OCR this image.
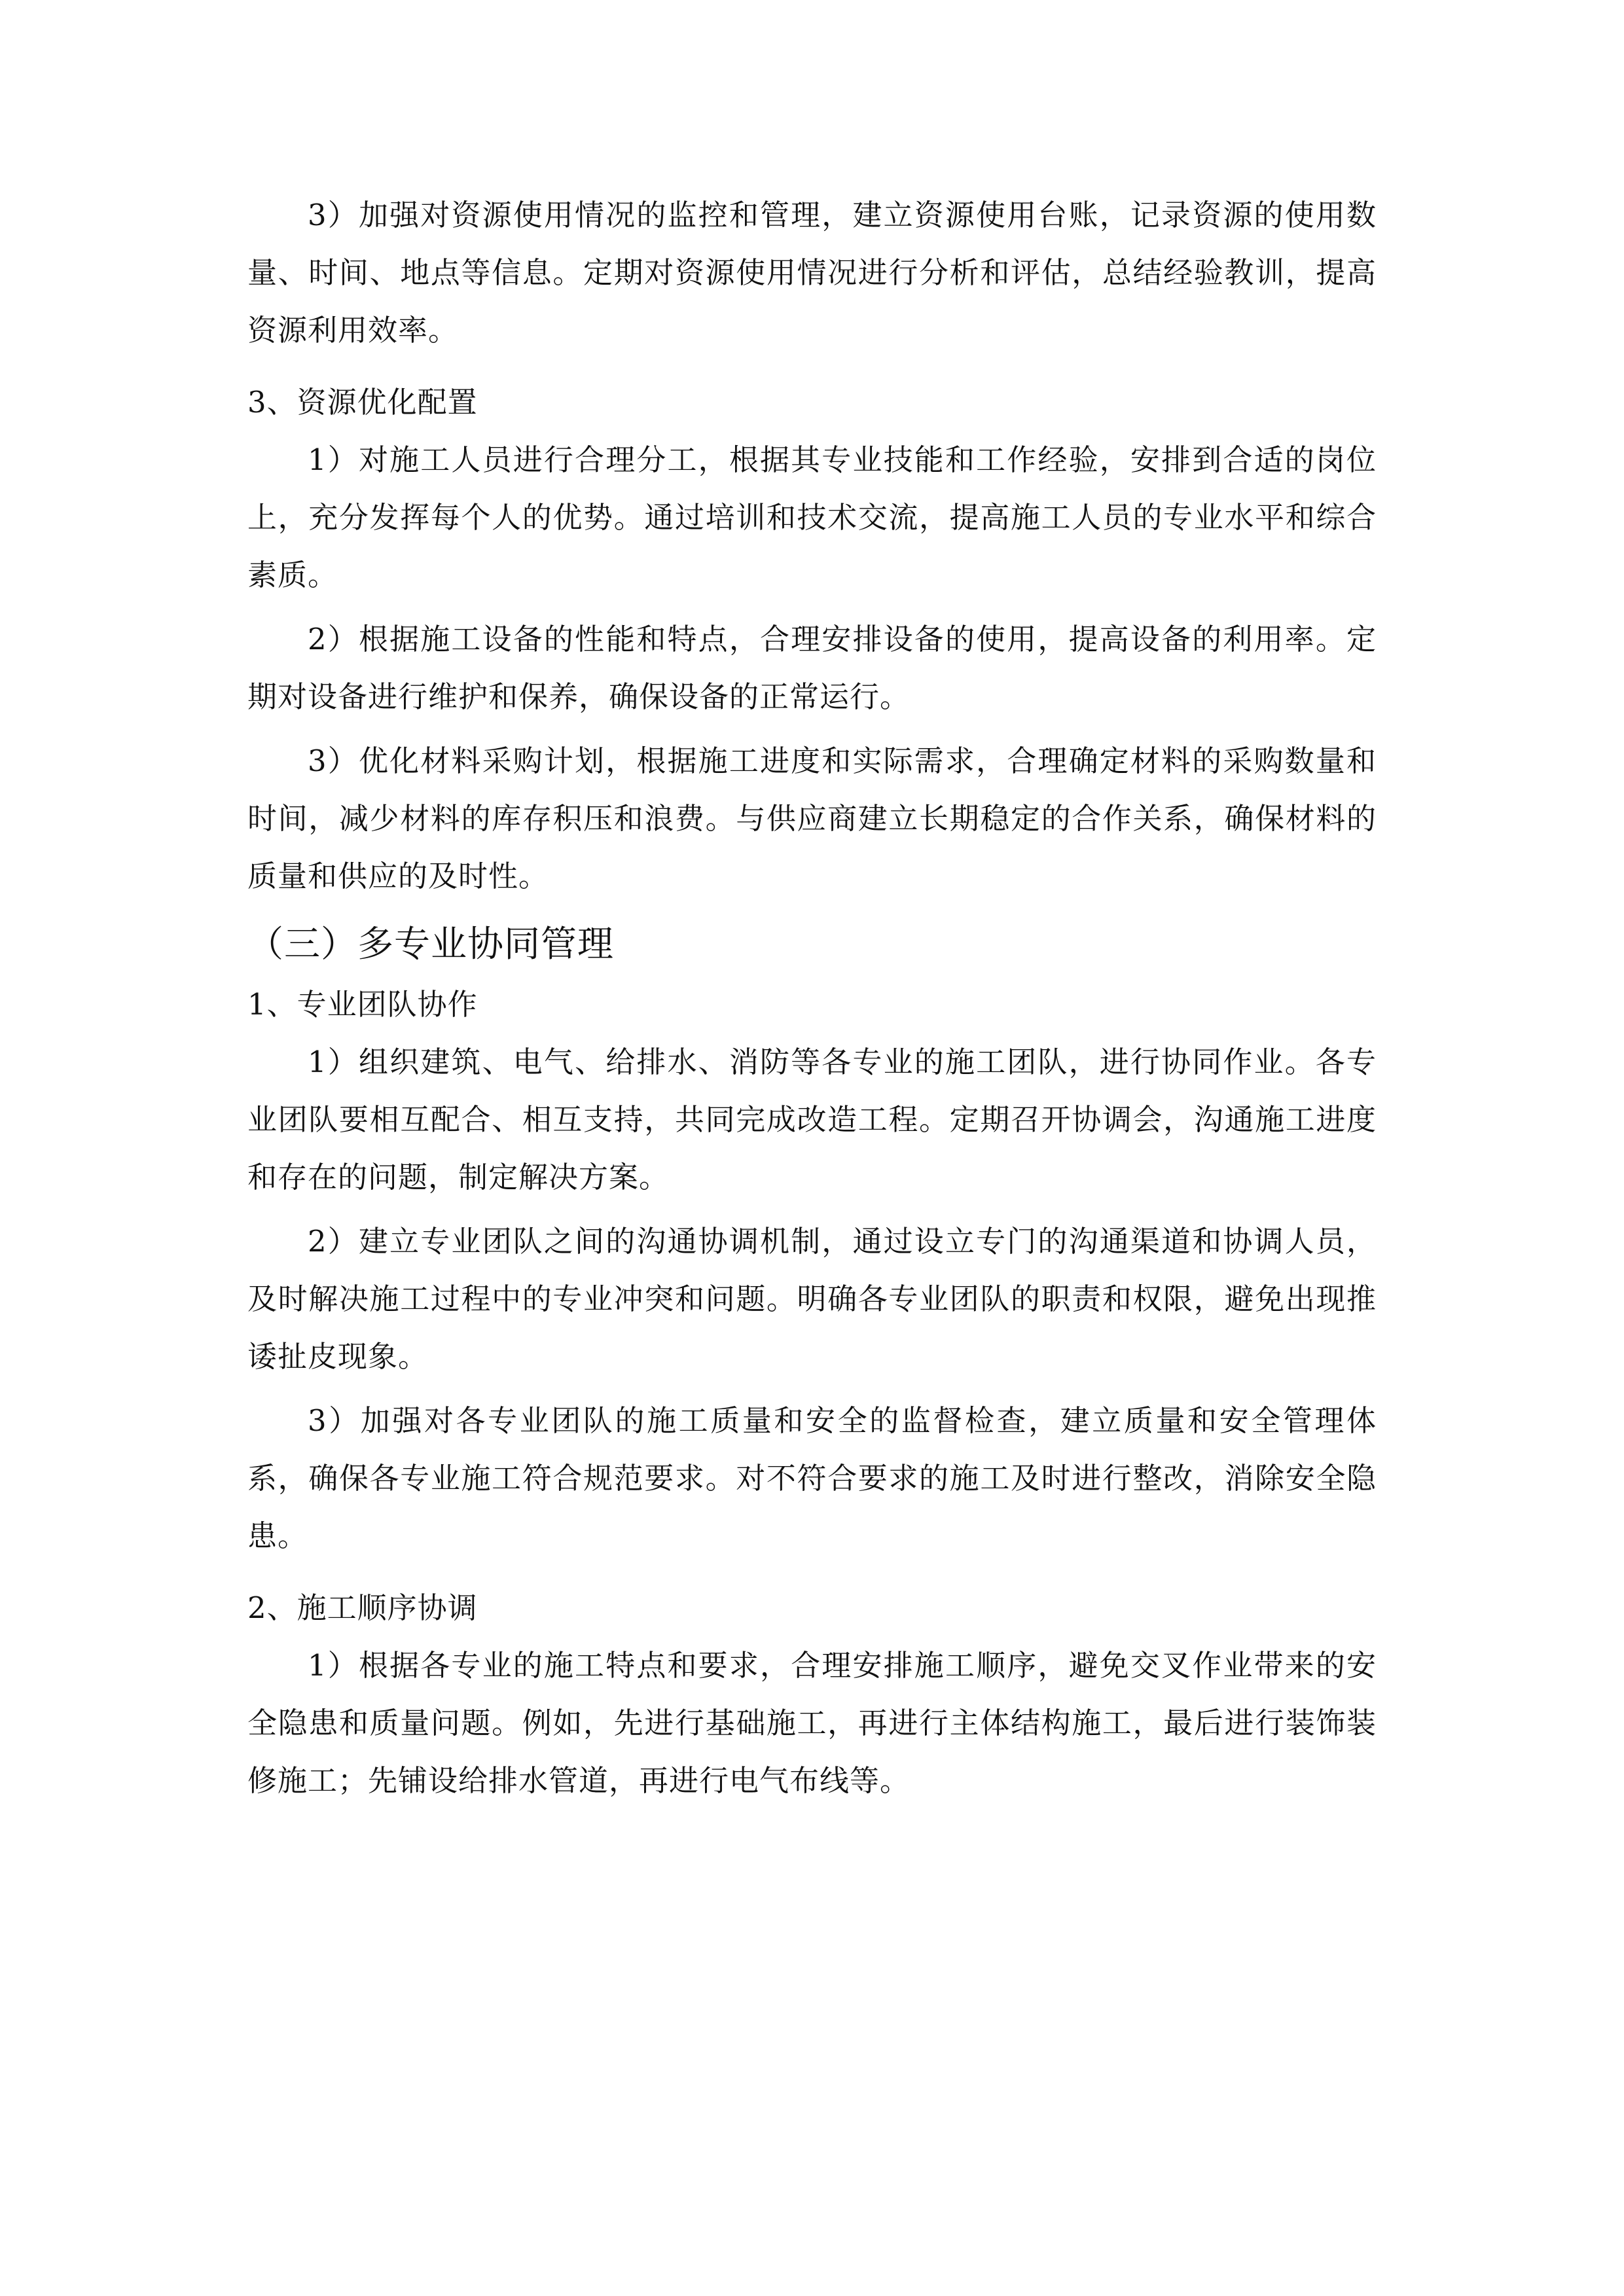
3）加强对资源使用情况的监控和管理，建立资源使用台账，记录资源的使用数量、时间、地点等信息。定期对资源使用情况进行分析和评估，总结经验教训，提高资源利用效率。

3、资源优化配置

1）对施工人员进行合理分工，根据其专业技能和工作经验，安排到合适的岗位上，充分发挥每个人的优势。通过培训和技术交流，提高施工人员的专业水平和综合素质。

2）根据施工设备的性能和特点，合理安排设备的使用，提高设备的利用率。定期对设备进行维护和保养，确保设备的正常运行。

3）优化材料采购计划，根据施工进度和实际需求，合理确定材料的采购数量和时间，减少材料的库存积压和浪费。与供应商建立长期稳定的合作关系，确保材料的质量和供应的及时性。

（三）多专业协同管理

1、专业团队协作

1）组织建筑、电气、给排水、消防等各专业的施工团队，进行协同作业。各专业团队要相互配合、相互支持，共同完成改造工程。定期召开协调会，沟通施工进度和存在的问题，制定解决方案。

2）建立专业团队之间的沟通协调机制，通过设立专门的沟通渠道和协调人员，及时解决施工过程中的专业冲突和问题。明确各专业团队的职责和权限，避免出现推诿扯皮现象。

3）加强对各专业团队的施工质量和安全的监督检查，建立质量和安全管理体系，确保各专业施工符合规范要求。对不符合要求的施工及时进行整改，消除安全隐患。

2、施工顺序协调

1）根据各专业的施工特点和要求，合理安排施工顺序，避免交叉作业带来的安全隐患和质量问题。例如，先进行基础施工，再进行主体结构施工，最后进行装饰装修施工；先铺设给排水管道，再进行电气布线等。
